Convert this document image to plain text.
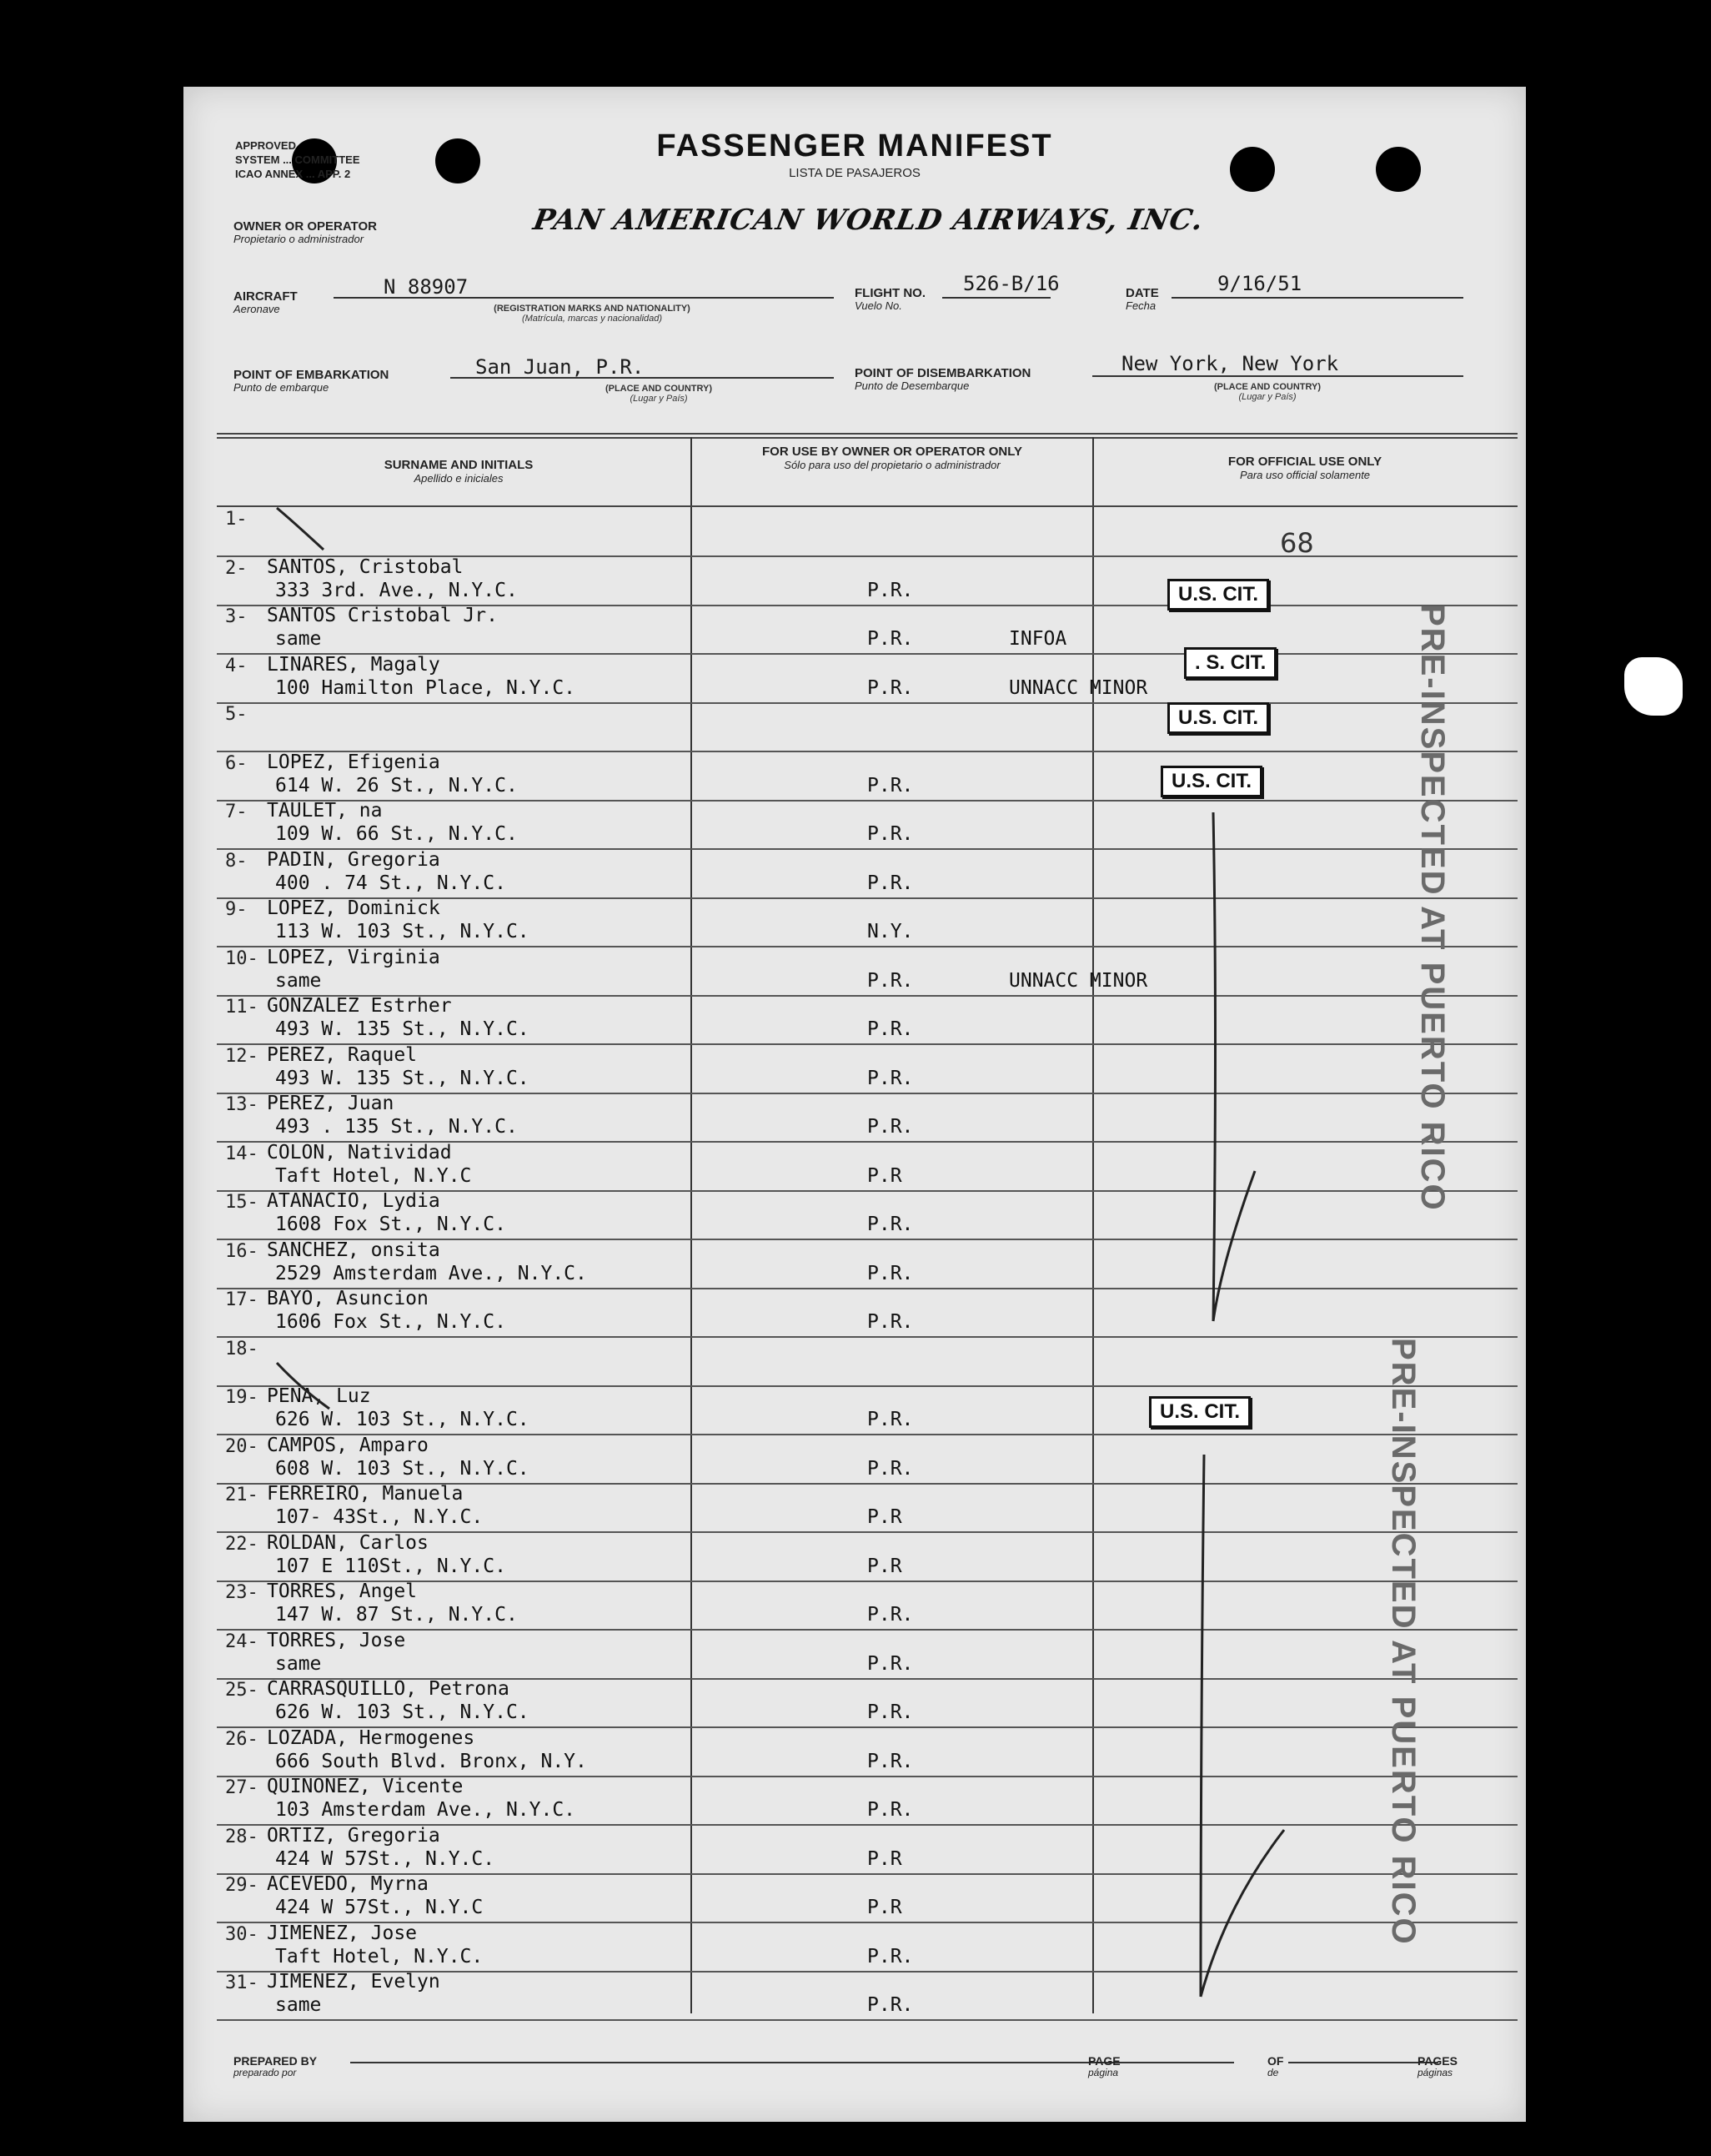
APPROVED
SYSTEM ... COMMITTEE
ICAO ANNEX ... APP. 2
FASSENGER MANIFEST
LISTA DE PASAJEROS
OWNER OR OPERATOR
Propietario o administrador
PAN AMERICAN WORLD AIRWAYS, INC.
AIRCRAFT
Aeronave
N 88907
(REGISTRATION MARKS AND NATIONALITY)
(Matrícula, marcas y nacionalidad)
FLIGHT NO.
Vuelo No.
526-B/16	DATE
Fecha
9/16/51
POINT OF EMBARKATION
Punto de embarque
San Juan, P.R.
(PLACE AND COUNTRY)
(Lugar y País)
POINT OF DISEMBARKATION
Punto de Desembarque
New York, New York
(PLACE AND COUNTRY)
(Lugar y País)
SURNAME AND INITIALS
Apellido e iniciales
FOR USE BY OWNER OR OPERATOR ONLY
Sólo para uso del propietario o administrador	FOR OFFICIAL USE ONLY
Para uso official solamente
1-
2- SANTOS, Cristobal
333 3rd. Ave., N.Y.C.	P.R.
3- SANTOS Cristobal Jr.
same	P.R.	INFOA
4- LINARES, Magaly
100 Hamilton Place, N.Y.C.	P.R.	UNNACC MINOR
5-
6- LOPEZ, Efigenia
614 W. 26 St., N.Y.C.	P.R.
7- TAULET, na
109 W. 66 St., N.Y.C.	P.R.
8- PADIN, Gregoria
400 . 74 St., N.Y.C.	P.R.
9- LOPEZ, Dominick
113 W. 103 St., N.Y.C.	N.Y.
10- LOPEZ, Virginia
same	P.R.	UNNACC MINOR
11- GONZALEZ Estrher
493 W. 135 St., N.Y.C.	P.R.
12- PEREZ, Raquel
493 W. 135 St., N.Y.C.	P.R.
13- PEREZ, Juan
493 . 135 St., N.Y.C.	P.R.
14- COLON, Natividad
Taft Hotel, N.Y.C	P.R
15- ATANACIO, Lydia
1608 Fox St., N.Y.C.	P.R.
16- SANCHEZ, onsita
2529 Amsterdam Ave., N.Y.C.	P.R.
17- BAYO, Asuncion
1606 Fox St., N.Y.C.	P.R.
18-
19- PENA, Luz
626 W. 103 St., N.Y.C.	P.R.
20- CAMPOS, Amparo
608 W. 103 St., N.Y.C.	P.R.
21- FERREIRO, Manuela
107- 43St., N.Y.C.	P.R
22- ROLDAN, Carlos
107 E 110St., N.Y.C.	P.R
23- TORRES, Angel
147 W. 87 St., N.Y.C.	P.R.
24- TORRES, Jose
same	P.R.
25- CARRASQUILLO, Petrona
626 W. 103 St., N.Y.C.	P.R.
26- LOZADA, Hermogenes
666 South Blvd. Bronx, N.Y.	P.R.
27- QUINONEZ, Vicente
103 Amsterdam Ave., N.Y.C.	P.R.
28- ORTIZ, Gregoria
424 W 57St., N.Y.C.	P.R
29- ACEVEDO, Myrna
424 W 57St., N.Y.C	P.R
30- JIMENEZ, Jose
Taft Hotel, N.Y.C.	P.R.
31- JIMENEZ, Evelyn
same	P.R.
68
U.S. CIT.
. S. CIT.
U.S. CIT.
U.S. CIT.
U.S. CIT.
PRE-INSPECTED AT PUERTO RICO
PRE-INSPECTED AT PUERTO RICO
PREPARED BY
preparado por
PAGE
página
OF
de
PAGES
páginas
